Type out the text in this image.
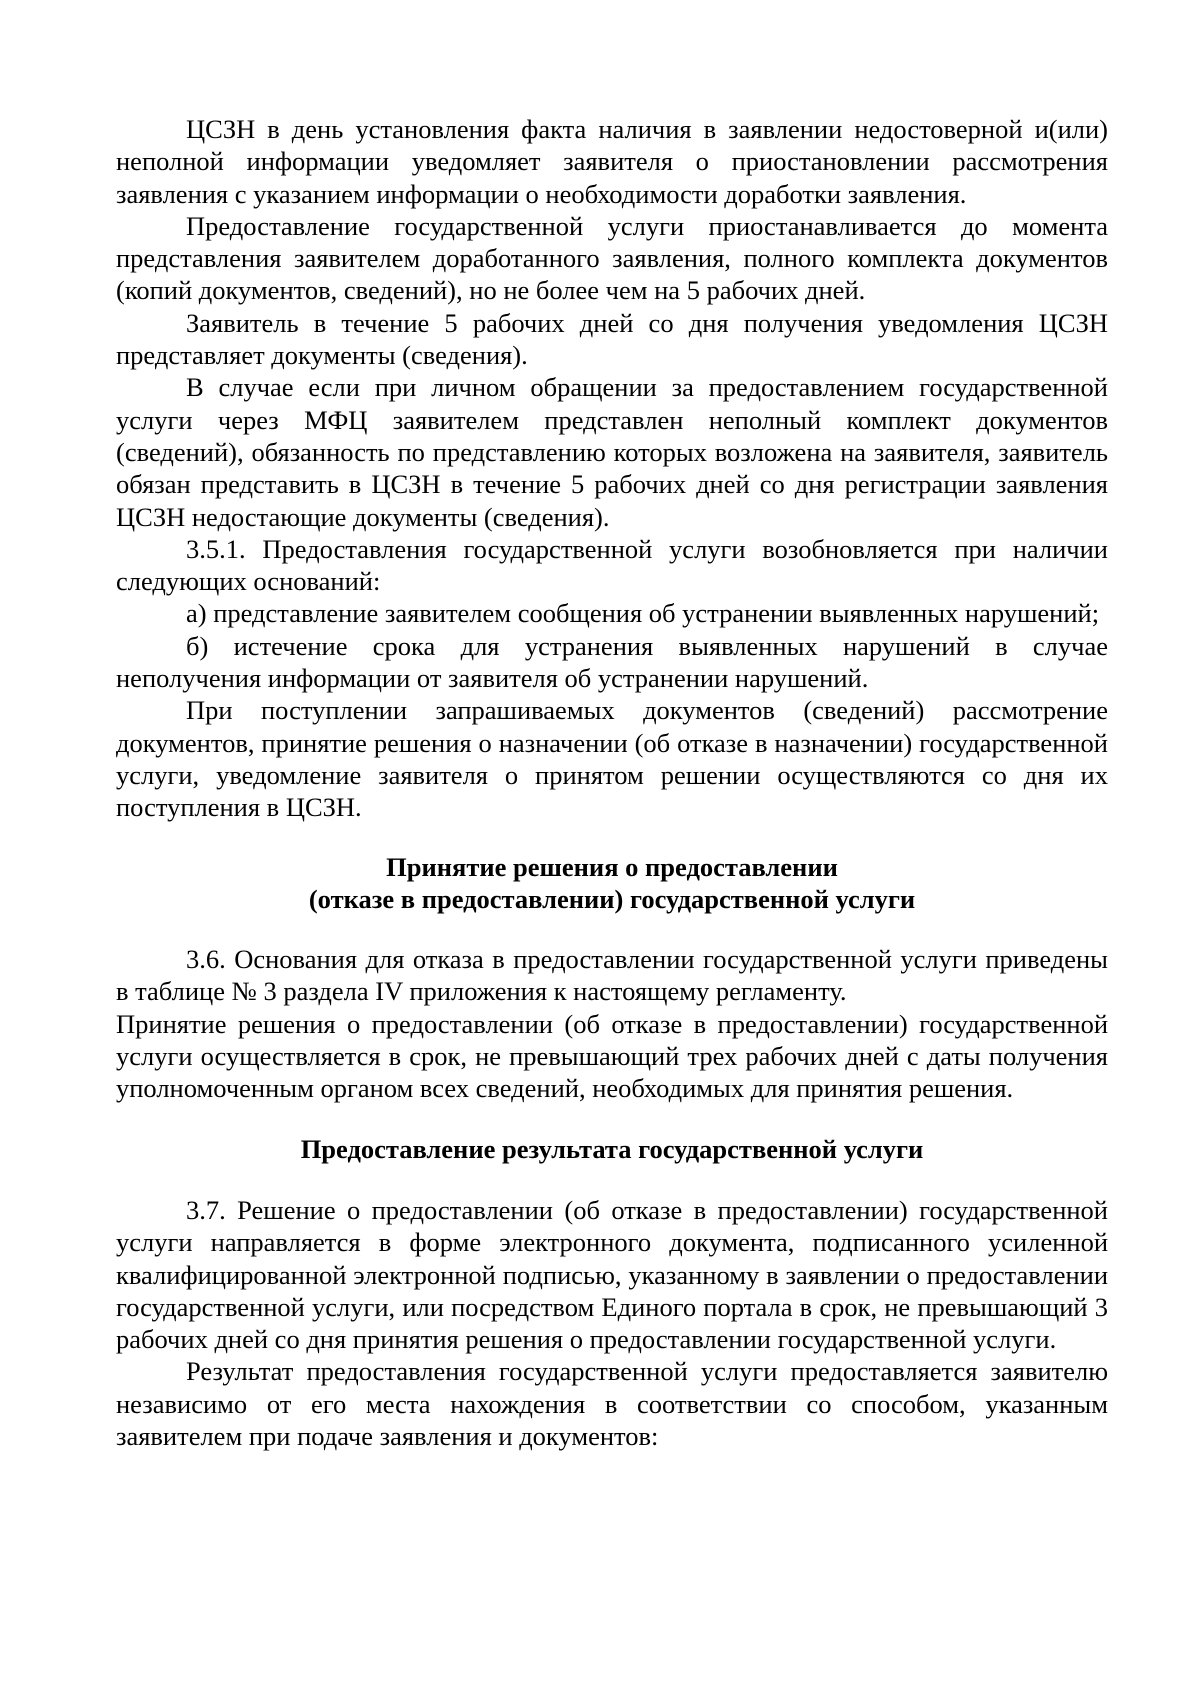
ЦСЗН в день установления факта наличия в заявлении недостоверной и(или) неполной информации уведомляет заявителя о приостановлении рассмотрения заявления с указанием информации о необходимости доработки заявления.

Предоставление государственной услуги приостанавливается до момента представления заявителем доработанного заявления, полного комплекта документов (копий документов, сведений), но не более чем на 5 рабочих дней.

Заявитель в течение 5 рабочих дней со дня получения уведомления ЦСЗН представляет документы (сведения).

В случае если при личном обращении за предоставлением государственной услуги через МФЦ заявителем представлен неполный комплект документов (сведений), обязанность по представлению которых возложена на заявителя, заявитель обязан представить в ЦСЗН в течение 5 рабочих дней со дня регистрации заявления ЦСЗН недостающие документы (сведения).

3.5.1. Предоставления государственной услуги возобновляется при наличии следующих оснований:

а) представление заявителем сообщения об устранении выявленных нарушений;

б) истечение срока для устранения выявленных нарушений в случае неполучения информации от заявителя об устранении нарушений.

При поступлении запрашиваемых документов (сведений) рассмотрение документов, принятие решения о назначении (об отказе в назначении) государственной услуги, уведомление заявителя о принятом решении осуществляются со дня их поступления в ЦСЗН.

Принятие решения о предоставлении
(отказе в предоставлении) государственной услуги

3.6. Основания для отказа в предоставлении государственной услуги приведены в таблице № 3 раздела IV приложения к настоящему регламенту.

Принятие решения о предоставлении (об отказе в предоставлении) государственной услуги осуществляется в срок, не превышающий трех рабочих дней с даты получения уполномоченным органом всех сведений, необходимых для принятия решения.

Предоставление результата государственной услуги

3.7. Решение о предоставлении (об отказе в предоставлении) государственной услуги направляется в форме электронного документа, подписанного усиленной квалифицированной электронной подписью, указанному в заявлении о предоставлении государственной услуги, или посредством Единого портала в срок, не превышающий 3 рабочих дней со дня принятия решения о предоставлении государственной услуги.

Результат предоставления государственной услуги предоставляется заявителю независимо от его места нахождения в соответствии со способом, указанным заявителем при подаче заявления и документов:
